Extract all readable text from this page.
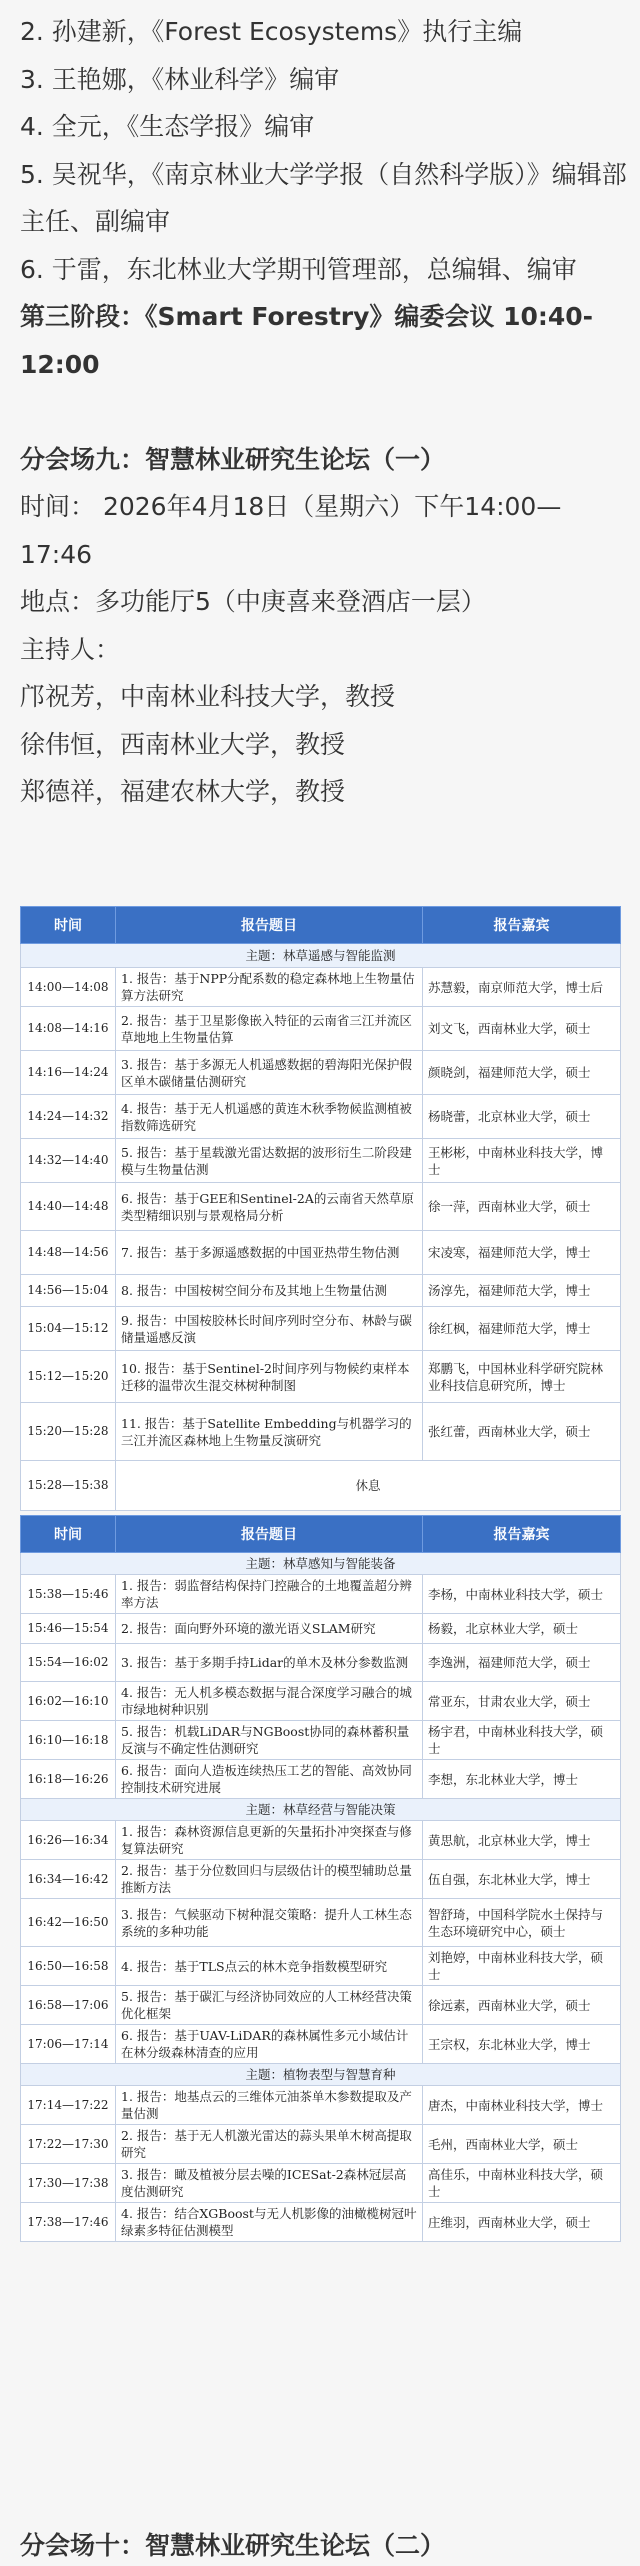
2. 孙建新，《Forest Ecosystems》执行主编

3. 王艳娜，《林业科学》编审

4. 全元，《生态学报》编审

5. 吴祝华，《南京林业大学学报（自然科学版）》编辑部主任、副编审

6. 于雷，东北林业大学期刊管理部，总编辑、编审

第三阶段：《Smart Forestry》编委会议 10:40-12:00

分会场九：智慧林业研究生论坛（一）

时间： 2026年4月18日（星期六）下午14:00—17:46

地点：多功能厅5（中庚喜来登酒店一层）

主持人：

邝祝芳，中南林业科技大学，教授

徐伟恒，西南林业大学，教授

郑德祥，福建农林大学，教授

时间	报告题目	报告嘉宾
主题：林草遥感与智能监测		
14:00—14:08	1. 报告：基于NPP分配系数的稳定森林地上生物量估算方法研究	苏慧毅，南京师范大学，博士后
14:08—14:16	2. 报告：基于卫星影像嵌入特征的云南省三江并流区草地地上生物量估算	刘文飞，西南林业大学，硕士
14:16—14:24	3. 报告：基于多源无人机遥感数据的碧海阳光保护假区单木碳储量估测研究	颜晓剑，福建师范大学，硕士
14:24—14:32	4. 报告：基于无人机遥感的黄连木秋季物候监测植被指数筛选研究	杨晓蕾，北京林业大学，硕士
14:32—14:40	5. 报告：基于星载激光雷达数据的波形衍生二阶段建模与生物量估测	王彬彬，中南林业科技大学，博士
14:40—14:48	6. 报告：基于GEE和Sentinel-2A的云南省天然草原类型精细识别与景观格局分析	徐一萍，西南林业大学，硕士
14:48—14:56	7. 报告：基于多源遥感数据的中国亚热带生物估测	宋凌寒，福建师范大学，博士
14:56—15:04	8. 报告：中国桉树空间分布及其地上生物量估测	汤淳先，福建师范大学，博士
15:04—15:12	9. 报告：中国桉胶林长时间序列时空分布、林龄与碳储量遥感反演	徐红枫，福建师范大学，博士
15:12—15:20	10. 报告：基于Sentinel-2时间序列与物候约束样本迁移的温带次生混交林树种制图	郑鹏飞，中国林业科学研究院林业科技信息研究所，博士
15:20—15:28	11. 报告：基于Satellite Embedding与机器学习的三江并流区森林地上生物量反演研究	张红蕾，西南林业大学，硕士
15:28—15:38	休息	
时间	报告题目	报告嘉宾
主题：林草感知与智能装备		
15:38—15:46	1. 报告：弱监督结构保持门控融合的土地覆盖超分辨率方法	李杨，中南林业科技大学，硕士
15:46—15:54	2. 报告：面向野外环境的激光语义SLAM研究	杨毅，北京林业大学，硕士
15:54—16:02	3. 报告：基于多期手持Lidar的单木及林分参数监测	李逸洲，福建师范大学，硕士
16:02—16:10	4. 报告：无人机多模态数据与混合深度学习融合的城市绿地树种识别	常亚东，甘肃农业大学，硕士
16:10—16:18	5. 报告：机载LiDAR与NGBoost协同的森林蓄积量反演与不确定性估测研究	杨宇君，中南林业科技大学，硕士
16:18—16:26	6. 报告：面向人造板连续热压工艺的智能、高效协同控制技术研究进展	李想，东北林业大学，博士
主题：林草经营与智能决策		
16:26—16:34	1. 报告：森林资源信息更新的矢量拓扑冲突探查与修复算法研究	黄思航，北京林业大学，博士
16:34—16:42	2. 报告：基于分位数回归与层级估计的模型辅助总量推断方法	伍自强，东北林业大学，博士
16:42—16:50	3. 报告：气候驱动下树种混交策略：提升人工林生态系统的多种功能	智舒琦，中国科学院水土保持与生态环境研究中心，硕士
16:50—16:58	4. 报告：基于TLS点云的林木竞争指数模型研究	刘艳婷，中南林业科技大学，硕士
16:58—17:06	5. 报告：基于碳汇与经济协同效应的人工林经营决策优化框架	徐远素，西南林业大学，硕士
17:06—17:14	6. 报告：基于UAV-LiDAR的森林属性多元小域估计在林分级森林清查的应用	王宗权，东北林业大学，博士
主题：植物表型与智慧育种		
17:14—17:22	1. 报告：地基点云的三维体元油茶单木参数提取及产量估测	唐杰，中南林业科技大学，博士
17:22—17:30	2. 报告：基于无人机激光雷达的蒜头果单木树高提取研究	毛州，西南林业大学，硕士
17:30—17:38	3. 报告：瞰及植被分层去噪的ICESat-2森林冠层高度估测研究	高佳乐，中南林业科技大学，硕士
17:38—17:46	4. 报告：结合XGBoost与无人机影像的油橄榄树冠叶绿素多特征估测模型	庄维羽，西南林业大学，硕士

分会场十：智慧林业研究生论坛（二）
